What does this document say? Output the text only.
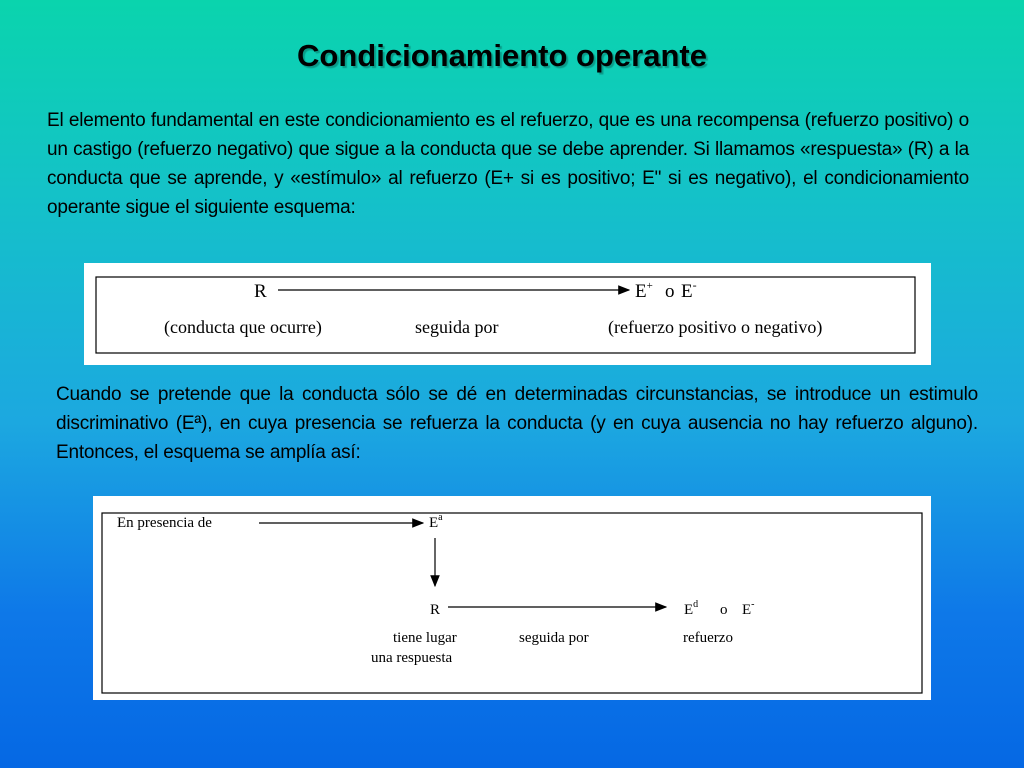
Condicionamiento operante

El elemento fundamental en este condicionamiento es el refuerzo, que es una recompensa (refuerzo positivo) o un castigo (refuerzo negativo) que sigue a la conducta que se debe aprender. Si llamamos «respuesta» (R) a la conducta que se aprende, y «estímulo» al refuerzo (E+ si es positivo; E" si es negativo), el condicionamiento operante sigue el siguiente esquema:

R	E+ o E-
(conducta que ocurre)	seguida por	(refuerzo positivo o negativo)

Cuando se pretende que la conducta sólo se dé en determinadas circunstancias, se introduce un estimulo discriminativo (Eª), en cuya presencia se refuerza la conducta (y en cuya ausencia no hay refuerzo alguno). Entonces, el esquema se amplía así:

En presencia de	$E^a$
R	$E^d$ o E-
tiene lugar
una respuesta
seguida por	refuerzo
